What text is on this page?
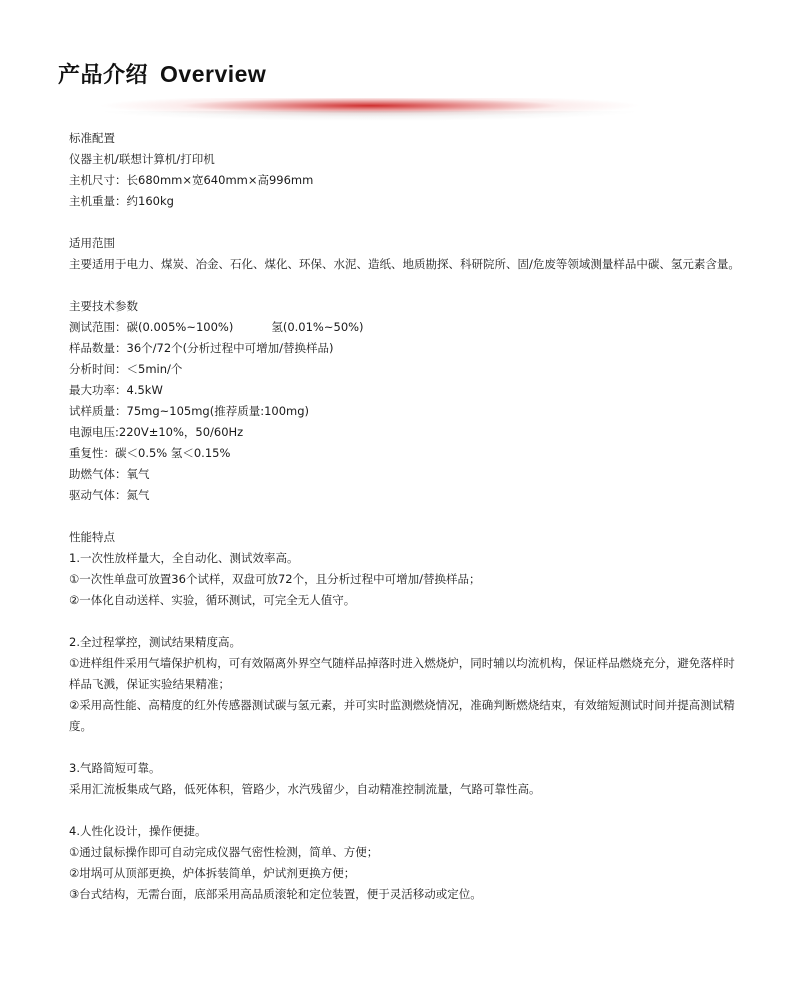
产品介绍 Overview
标准配置
仪器主机/联想计算机/打印机
主机尺寸：长680mm×宽640mm×高996mm
主机重量：约160kg
适用范围
主要适用于电力、煤炭、冶金、石化、煤化、环保、水泥、造纸、地质勘探、科研院所、固/危废等领域测量样品中碳、氢元素含量。
主要技术参数
测试范围：碳(0.005%~100%)	氢(0.01%~50%)
样品数量：36个/72个(分析过程中可增加/替换样品)
分析时间：＜5min/个
最大功率：4.5kW
试样质量：75mg~105mg(推荐质量:100mg)
电源电压:220V±10%，50/60Hz
重复性：碳＜0.5% 氢＜0.15%
助燃气体：氧气
驱动气体：氮气
性能特点
1.一次性放样量大，全自动化、测试效率高。
①一次性单盘可放置36个试样，双盘可放72个，且分析过程中可增加/替换样品；
②一体化自动送样、实验，循环测试，可完全无人值守。
2.全过程掌控，测试结果精度高。
①进样组件采用气墙保护机构，可有效隔离外界空气随样品掉落时进入燃烧炉，同时辅以均流机构，保证样品燃烧充分，避免落样时样品飞溅，保证实验结果精准；
②采用高性能、高精度的红外传感器测试碳与氢元素，并可实时监测燃烧情况，准确判断燃烧结束，有效缩短测试时间并提高测试精度。
3.气路简短可靠。
采用汇流板集成气路，低死体积，管路少，水汽残留少，自动精准控制流量，气路可靠性高。
4.人性化设计，操作便捷。
①通过鼠标操作即可自动完成仪器气密性检测，简单、方便；
②坩埚可从顶部更换，炉体拆装简单，炉试剂更换方便；
③台式结构，无需台面，底部采用高品质滚轮和定位装置，便于灵活移动或定位。
